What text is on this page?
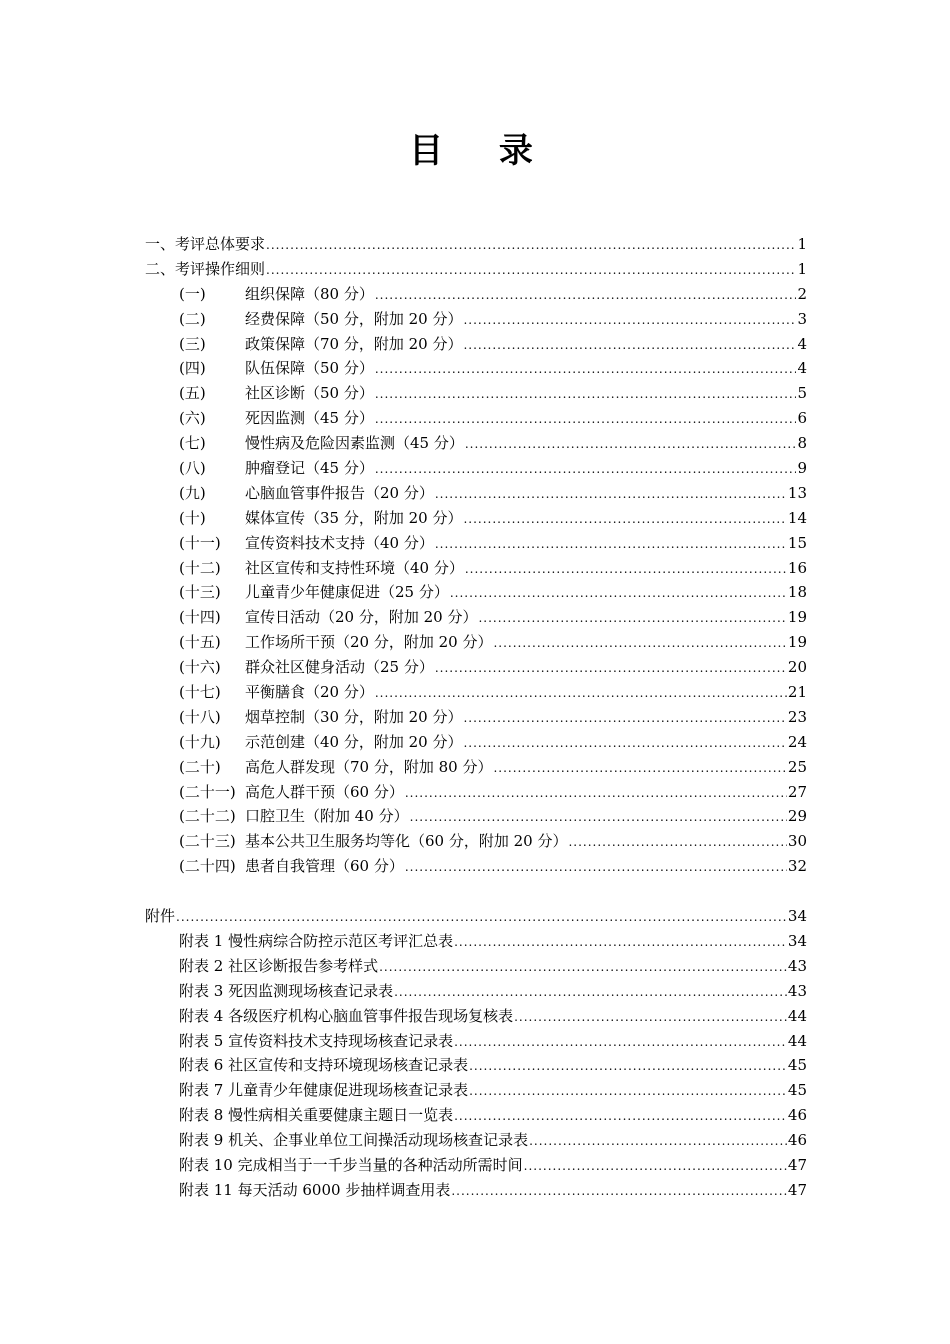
目 录
一、考评总体要求 .....	1
二、考评操作细则 .....	1
(一)	组织保障（80 分） .....	2
(二)	经费保障（50 分，附加 20 分） .....	3
(三)	政策保障（70 分，附加 20 分） .....	4
(四)	队伍保障（50 分） .....	4
(五)	社区诊断（50 分） .....	5
(六)	死因监测（45 分） .....	6
(七)	慢性病及危险因素监测（45 分） .....	8
(八)	肿瘤登记（45 分） .....	9
(九)	心脑血管事件报告（20 分） .....	13
(十)	媒体宣传（35 分，附加 20 分） .....	14
(十一)	宣传资料技术支持（40 分） .....	15
(十二)	社区宣传和支持性环境（40 分） .....	16
(十三)	儿童青少年健康促进（25 分） .....	18
(十四)	宣传日活动（20 分，附加 20 分） .....	19
(十五)	工作场所干预（20 分，附加 20 分） .....	19
(十六)	群众社区健身活动（25 分） .....	20
(十七)	平衡膳食（20 分） .....	21
(十八)	烟草控制（30 分，附加 20 分） .....	23
(十九)	示范创建（40 分，附加 20 分） .....	24
(二十)	高危人群发现（70 分，附加 80 分） .....	25
(二十一) 高危人群干预（60 分） .....	27
(二十二) 口腔卫生（附加 40 分） .....	29
(二十三) 基本公共卫生服务均等化（60 分，附加 20 分） .....	30
(二十四) 患者自我管理（60 分） .....	32
附件 .....	34
附表 1 慢性病综合防控示范区考评汇总表 .....	34
附表 2 社区诊断报告参考样式 .....	43
附表 3 死因监测现场核查记录表 .....	43
附表 4 各级医疗机构心脑血管事件报告现场复核表 .....	44
附表 5 宣传资料技术支持现场核查记录表 .....	44
附表 6 社区宣传和支持环境现场核查记录表 .....	45
附表 7 儿童青少年健康促进现场核查记录表 .....	45
附表 8 慢性病相关重要健康主题日一览表 .....	46
附表 9 机关、企事业单位工间操活动现场核查记录表 .....	46
附表 10 完成相当于一千步当量的各种活动所需时间 .....	47
附表 11 每天活动 6000 步抽样调查用表 .....	47
